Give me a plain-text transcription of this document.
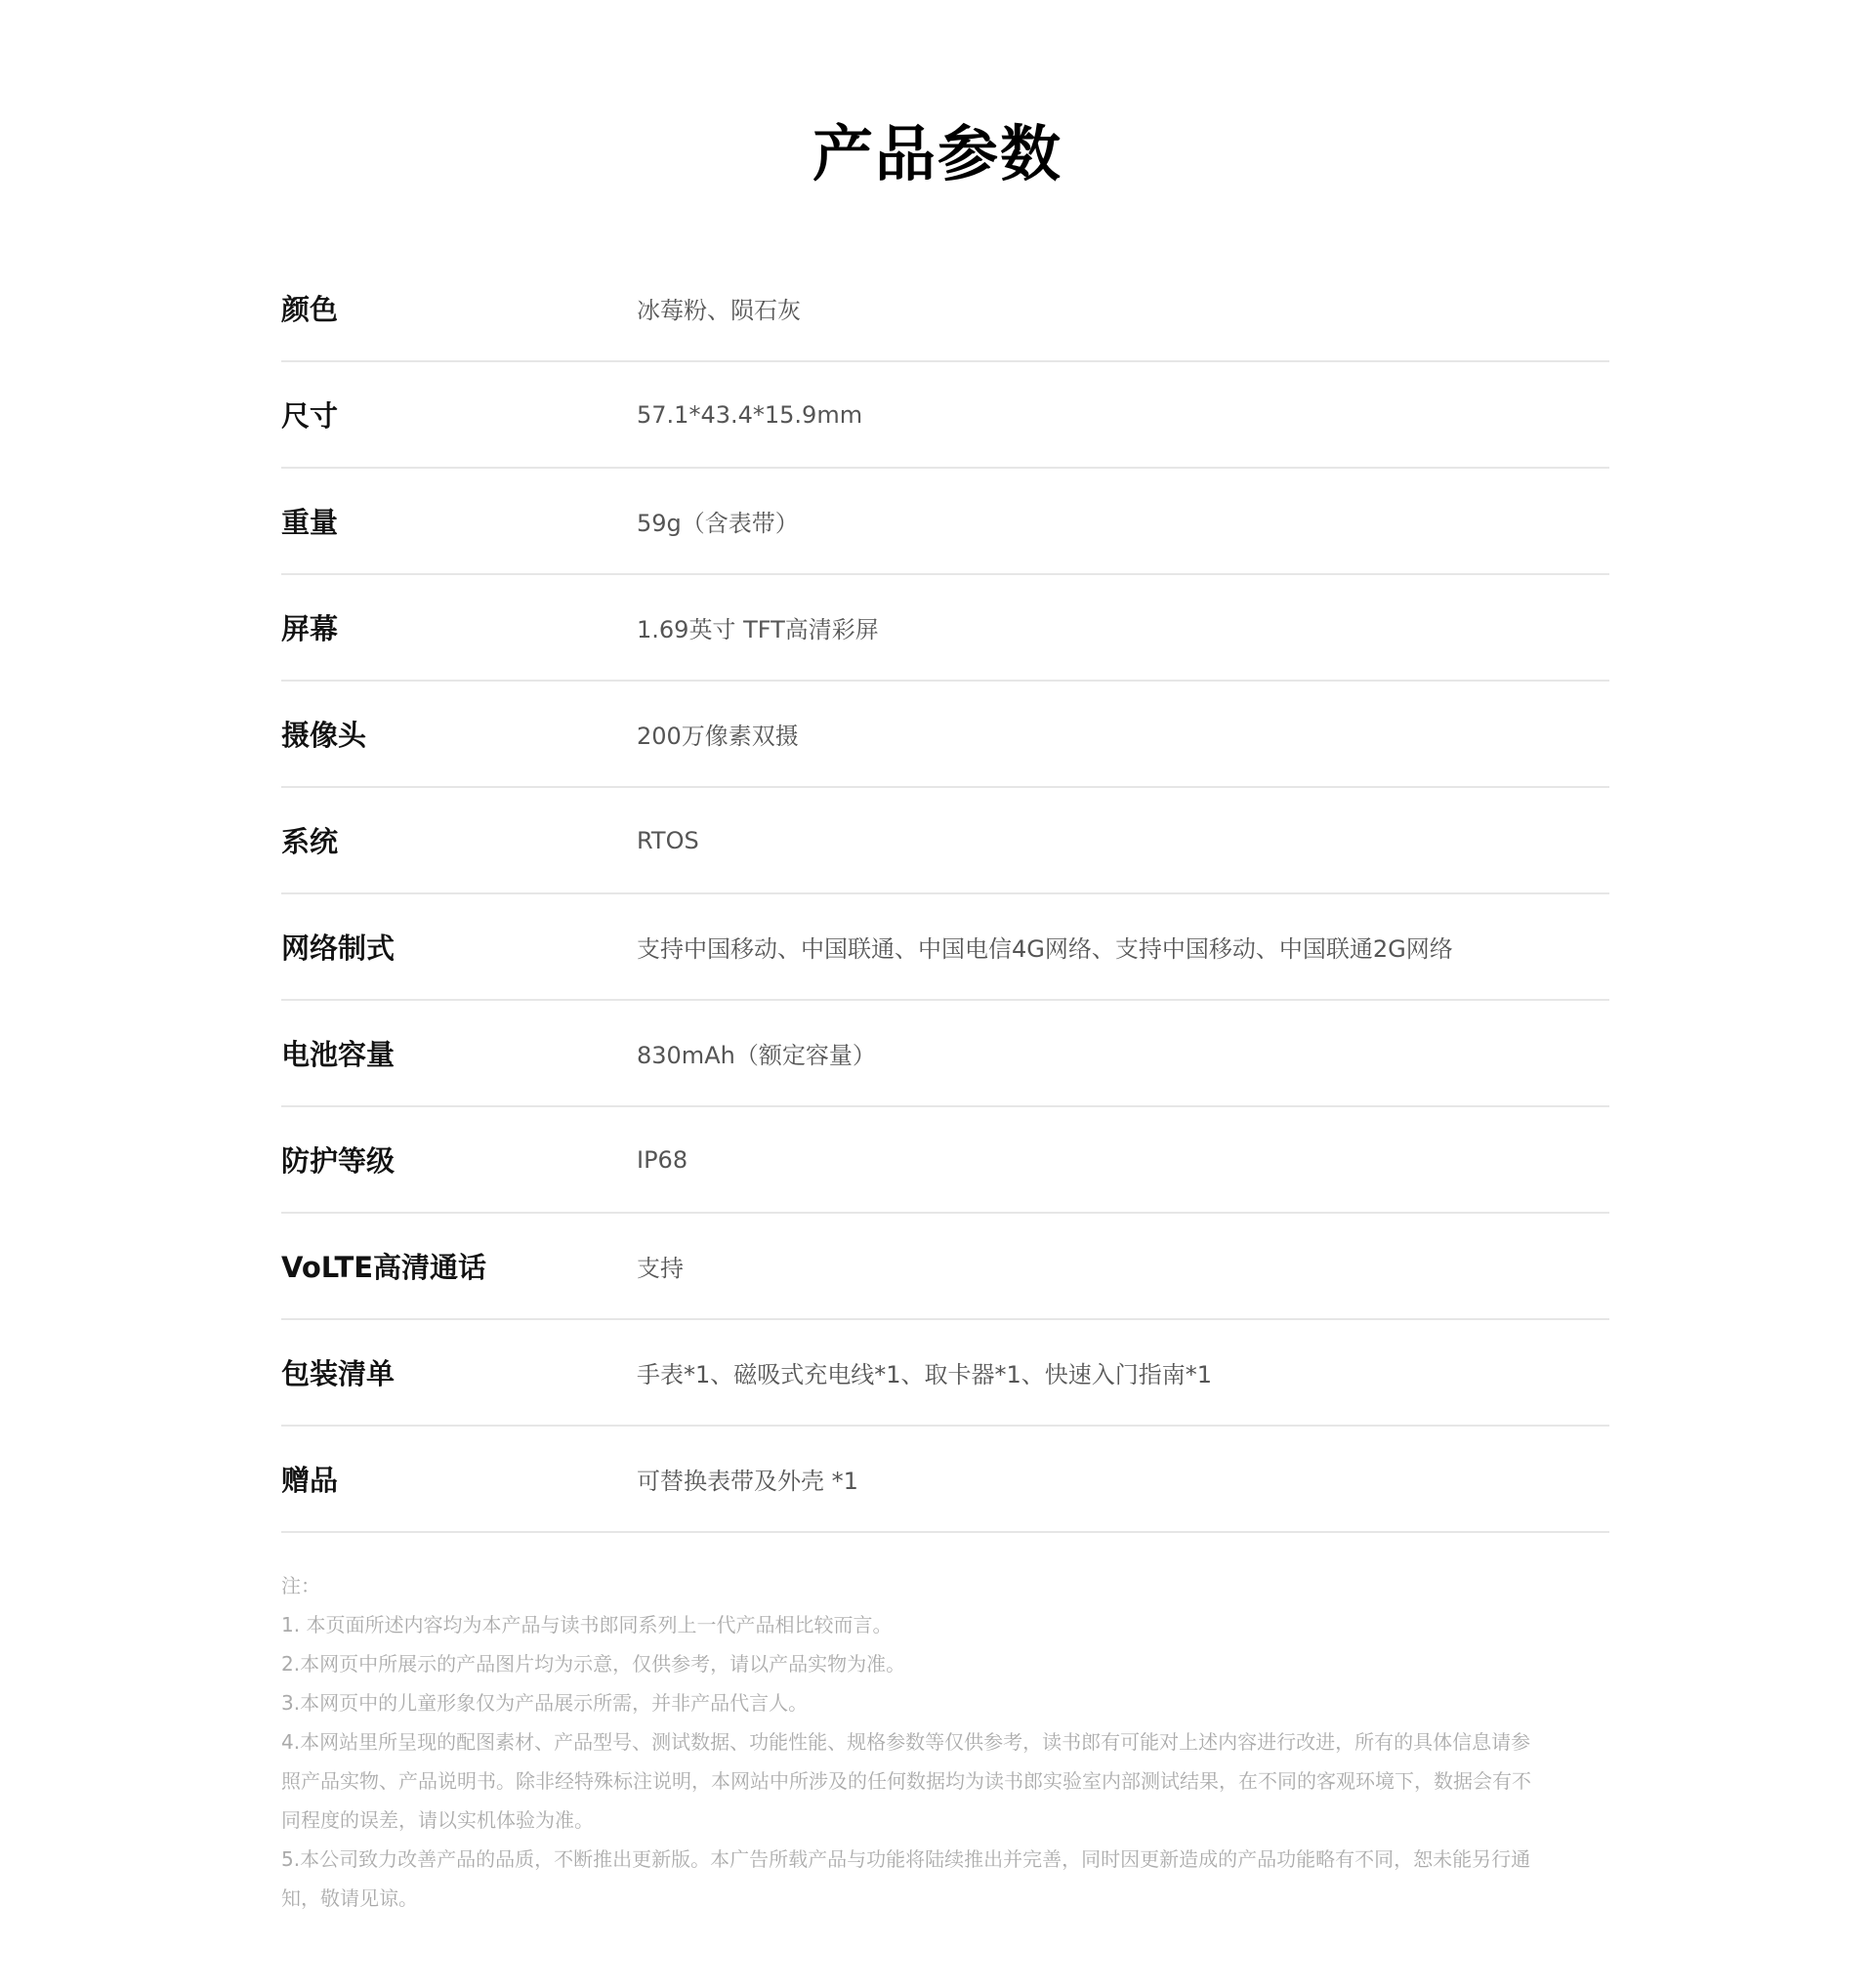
产品参数
颜色	冰莓粉、陨石灰
尺寸	57.1*43.4*15.9mm
重量	59g（含表带）
屏幕	1.69英寸 TFT高清彩屏
摄像头	200万像素双摄
系统	RTOS
网络制式	支持中国移动、中国联通、中国电信4G网络、支持中国移动、中国联通2G网络
电池容量	830mAh（额定容量）
防护等级	IP68
VoLTE高清通话	支持
包装清单	手表*1、磁吸式充电线*1、取卡器*1、快速入门指南*1
赠品	可替换表带及外壳 *1

注：

1. 本页面所述内容均为本产品与读书郎同系列上一代产品相比较而言。

2.本网页中所展示的产品图片均为示意，仅供参考，请以产品实物为准。

3.本网页中的儿童形象仅为产品展示所需，并非产品代言人。

4.本网站里所呈现的配图素材、产品型号、测试数据、功能性能、规格参数等仅供参考，读书郎有可能对上述内容进行改进，所有的具体信息请参照产品实物、产品说明书。除非经特殊标注说明，本网站中所涉及的任何数据均为读书郎实验室内部测试结果，在不同的客观环境下，数据会有不同程度的误差，请以实机体验为准。

5.本公司致力改善产品的品质，不断推出更新版。本广告所载产品与功能将陆续推出并完善，同时因更新造成的产品功能略有不同，恕未能另行通知，敬请见谅。
